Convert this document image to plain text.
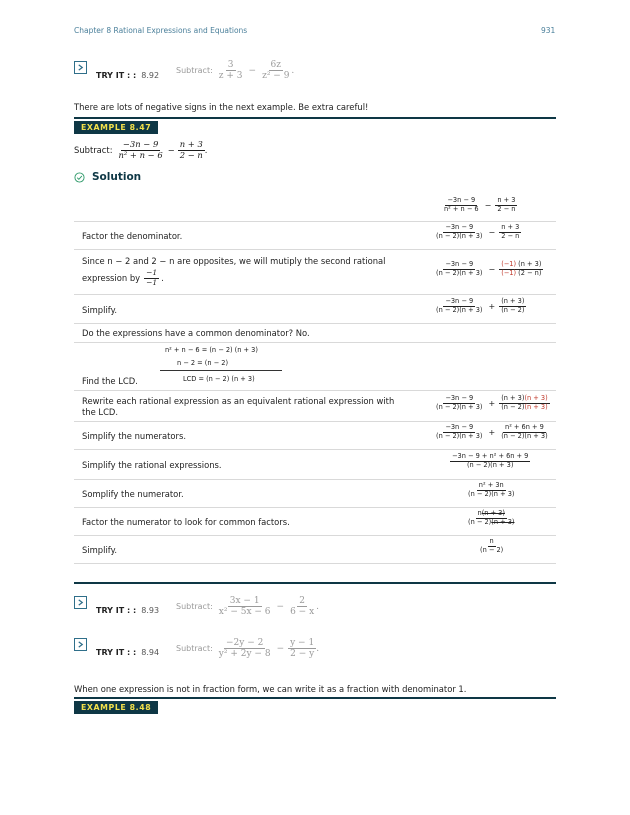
Chapter 8 Rational Expressions and Equations	931
TRY IT : : 8.92
Subtract: $\frac{3}{z + 3} - \frac{6z}{\text{z² − 9}}$ .
There are lots of negative signs in the next example. Be extra careful!
EXAMPLE 8.47
Subtract: $\frac{-3n - 9}{\text{n² + n − 6}} - \frac{n + 3}{2 - n}$ .
Solution
$\frac{-3n - 9}{\text{n² + n − 6}} - \frac{n + 3}{2 - n}$
Factor the denominator.	$\frac{-3n - 9}{(n - 2)(n + 3)} - \frac{n + 3}{2 - n}$
Since n − 2 and 2 − n are opposites, we will mutiply the second rational
expression by $\frac{-1}{-1}$ .
$\frac{-3n - 9}{(n - 2)(n + 3)} - \frac{(-1) (n + 3)}{(-1) (2 - n)}$
Simplify.	$\frac{-3n - 9}{(n - 2)(n + 3)} + \frac{(n + 3)}{(n - 2)}$
Do the expressions have a common denominator? No.
n² + n − 6 = (n − 2) (n + 3)
n − 2 = (n − 2)
LCD = (n − 2) (n + 3)
Find the LCD.
Rewrite each rational expression as an equivalent rational expression with
the LCD.
$\frac{-3n - 9}{(n - 2)(n + 3)} + \frac{(n + 3)(n + 3)}{(n - 2)(n + 3)}$
Simplify the numerators.	$\frac{-3n - 9}{(n - 2)(n + 3)} + \frac{\text{n² + 6n + 9}}{(n - 2)(n + 3)}$
Simplify the rational expressions.	$\frac{\text{−3n − 9 + n² + 6n + 9}}{(n - 2)(n + 3)}$
Somplify the numerator.	$\frac{\text{n² + 3n}}{(n - 2)(n + 3)}$
Factor the numerator to look for common factors.	$\frac{n(n + 3)}{(n - 2)(n + 3)}$
Simplify.	$\frac{n}{(n - 2)}$
TRY IT : : 8.93 Subtract: $\frac{3x - 1}{\text{x² − 5x − 6}} - \frac{2}{6 - x}$ .
TRY IT : : 8.94 Subtract: $\frac{-2y - 2}{\text{y² + 2y − 8}} - \frac{y - 1}{2 - y}$ .
When one expression is not in fraction form, we can write it as a fraction with denominator 1.
EXAMPLE 8.48
